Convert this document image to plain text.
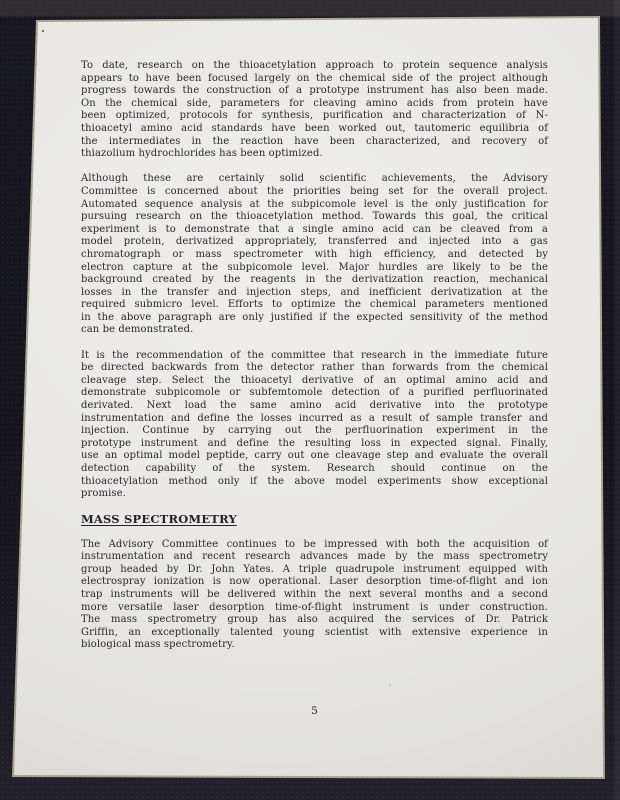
To date, research on the thioacetylation approach to protein sequence analysis
appears to have been focused largely on the chemical side of the project although
progress towards the construction of a prototype instrument has also been made.
On the chemical side, parameters for cleaving amino acids from protein have
been optimized, protocols for synthesis, purification and characterization of N-
thioacetyl amino acid standards have been worked out, tautomeric equilibria of
the intermediates in the reaction have been characterized, and recovery of
thiazolium hydrochlorides has been optimized.
Although these are certainly solid scientific achievements, the Advisory
Committee is concerned about the priorities being set for the overall project.
Automated sequence analysis at the subpicomole level is the only justification for
pursuing research on the thioacetylation method. Towards this goal, the critical
experiment is to demonstrate that a single amino acid can be cleaved from a
model protein, derivatized appropriately, transferred and injected into a gas
chromatograph or mass spectrometer with high efficiency, and detected by
electron capture at the subpicomole level. Major hurdles are likely to be the
background created by the reagents in the derivatization reaction, mechanical
losses in the transfer and injection steps, and inefficient derivatization at the
required submicro level. Efforts to optimize the chemical parameters mentioned
in the above paragraph are only justified if the expected sensitivity of the method
can be demonstrated.
It is the recommendation of the committee that research in the immediate future
be directed backwards from the detector rather than forwards from the chemical
cleavage step. Select the thioacetyl derivative of an optimal amino acid and
demonstrate subpicomole or subfemtomole detection of a purified perfluorinated
derivated. Next load the same amino acid derivative into the prototype
instrumentation and define the losses incurred as a result of sample transfer and
injection. Continue by carrying out the perfluorination experiment in the
prototype instrument and define the resulting loss in expected signal. Finally,
use an optimal model peptide, carry out one cleavage step and evaluate the overall
detection capability of the system. Research should continue on the
thioacetylation method only if the above model experiments show exceptional
promise.
MASS SPECTROMETRY
The Advisory Committee continues to be impressed with both the acquisition of
instrumentation and recent research advances made by the mass spectrometry
group headed by Dr. John Yates. A triple quadrupole instrument equipped with
electrospray ionization is now operational. Laser desorption time-of-flight and ion
trap instruments will be delivered within the next several months and a second
more versatile laser desorption time-of-flight instrument is under construction.
The mass spectrometry group has also acquired the services of Dr. Patrick
Griffin, an exceptionally talented young scientist with extensive experience in
biological mass spectrometry.
5
